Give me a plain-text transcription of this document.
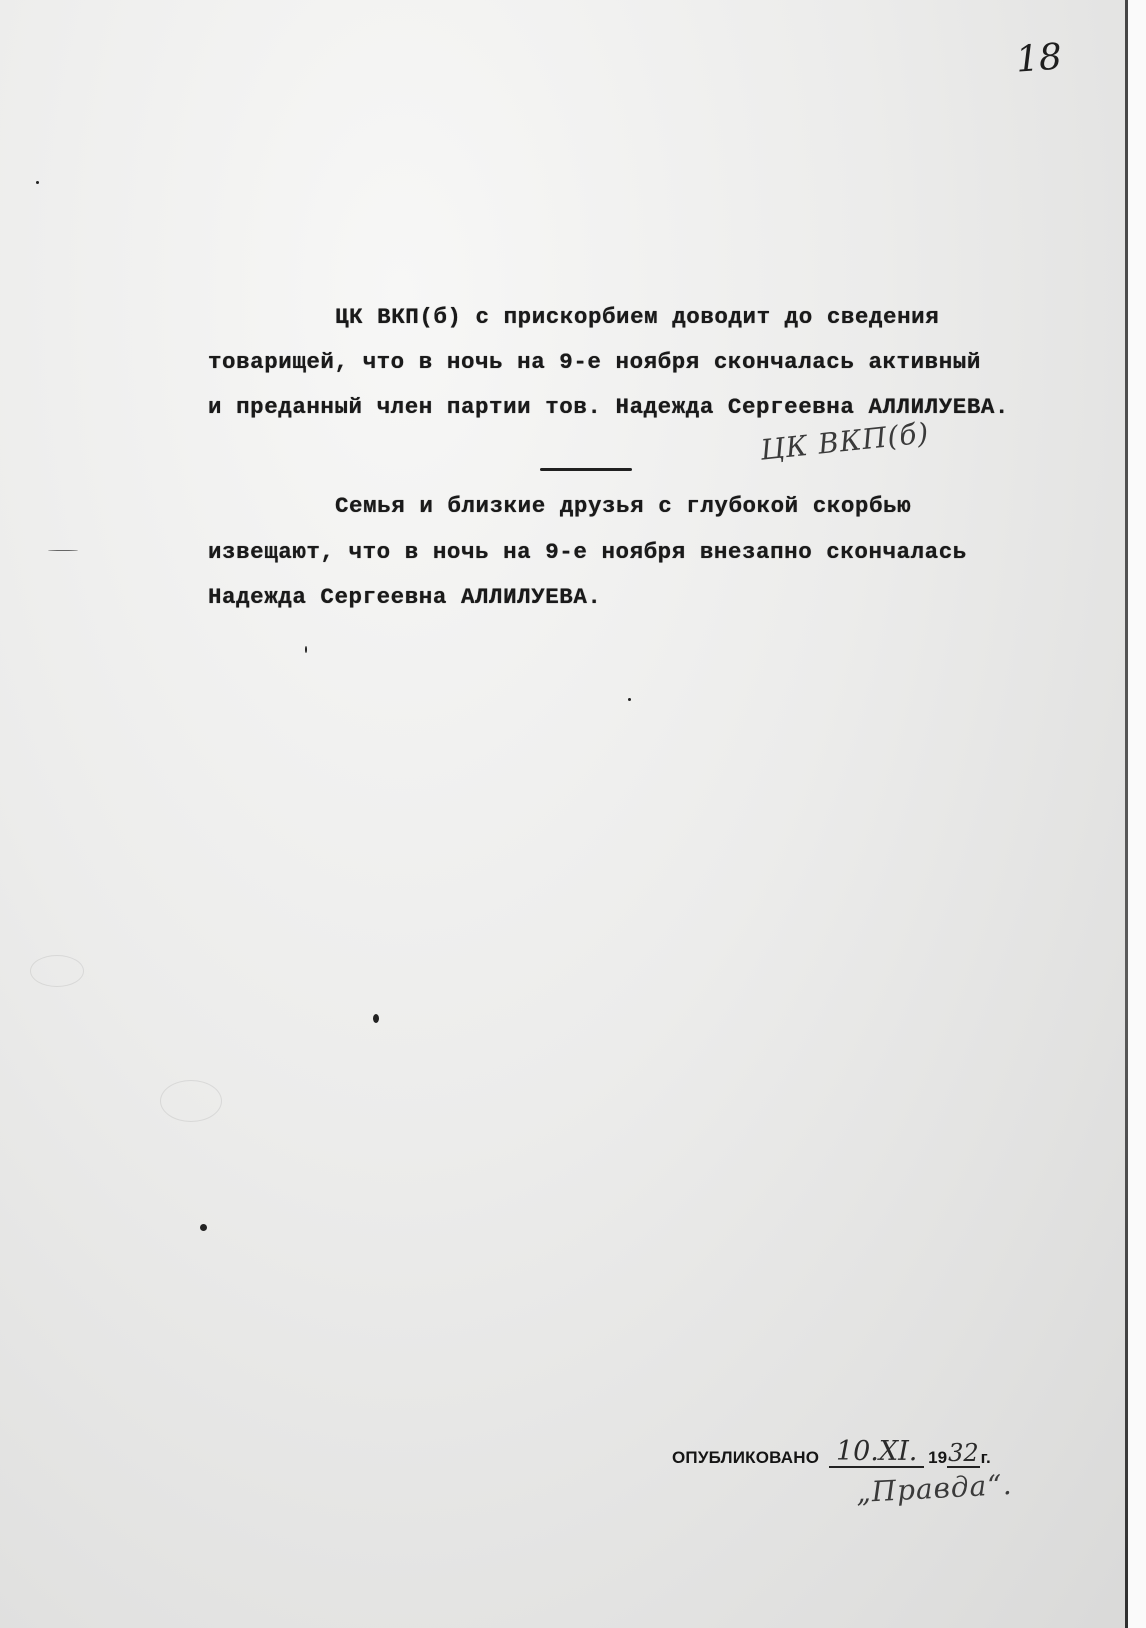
18
ЦК ВКП(б) с прискорбием доводит до сведения
товарищей, что в ночь на 9-е ноября скончалась активный
и преданный член партии тов. Надежда Сергеевна АЛЛИЛУЕВА.
ЦК ВКП(б)
Семья и близкие друзья с глубокой скорбью
извещают, что в ночь на 9-е ноября внезапно скончалась
Надежда Сергеевна АЛЛИЛУЕВА.
ОПУБЛИКОВАНО 10.XI. 19 32 г.
„Правда“.
